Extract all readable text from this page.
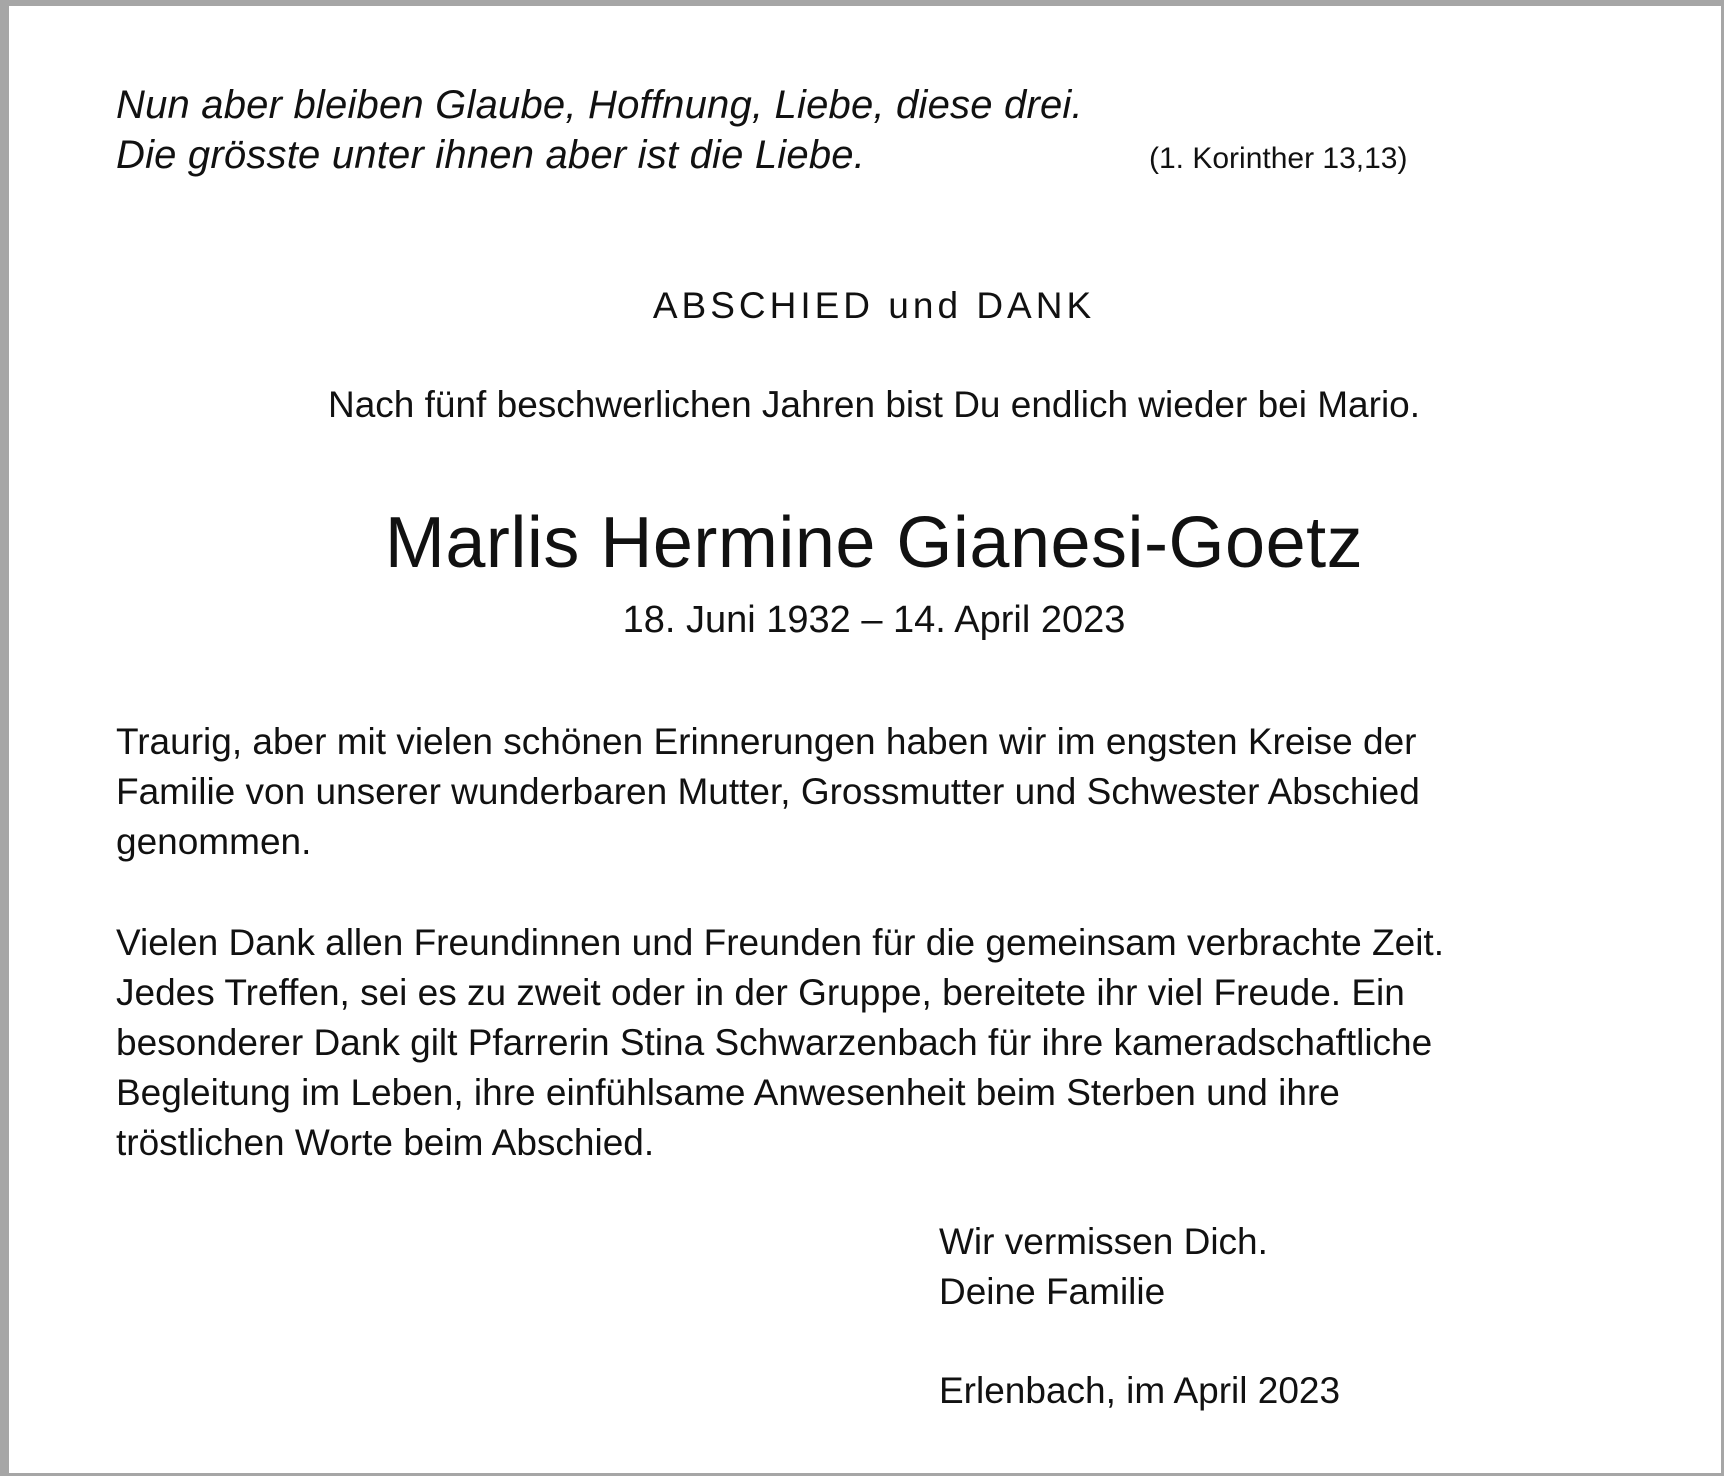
Nun aber bleiben Glaube, Hoffnung, Liebe, diese drei.
Die grösste unter ihnen aber ist die Liebe.	(1. Korinther 13,13)
ABSCHIED und DANK
Nach fünf beschwerlichen Jahren bist Du endlich wieder bei Mario.
Marlis Hermine Gianesi-Goetz
18. Juni 1932 – 14. April 2023
Traurig, aber mit vielen schönen Erinnerungen haben wir im engsten Kreise der
Familie von unserer wunderbaren Mutter, Grossmutter und Schwester Abschied
genommen.
Vielen Dank allen Freundinnen und Freunden für die gemeinsam verbrachte Zeit.
Jedes Treffen, sei es zu zweit oder in der Gruppe, bereitete ihr viel Freude. Ein
besonderer Dank gilt Pfarrerin Stina Schwarzenbach für ihre kameradschaftliche
Begleitung im Leben, ihre einfühlsame Anwesenheit beim Sterben und ihre
tröstlichen Worte beim Abschied.
Wir vermissen Dich.
Deine Familie
Erlenbach, im April 2023
